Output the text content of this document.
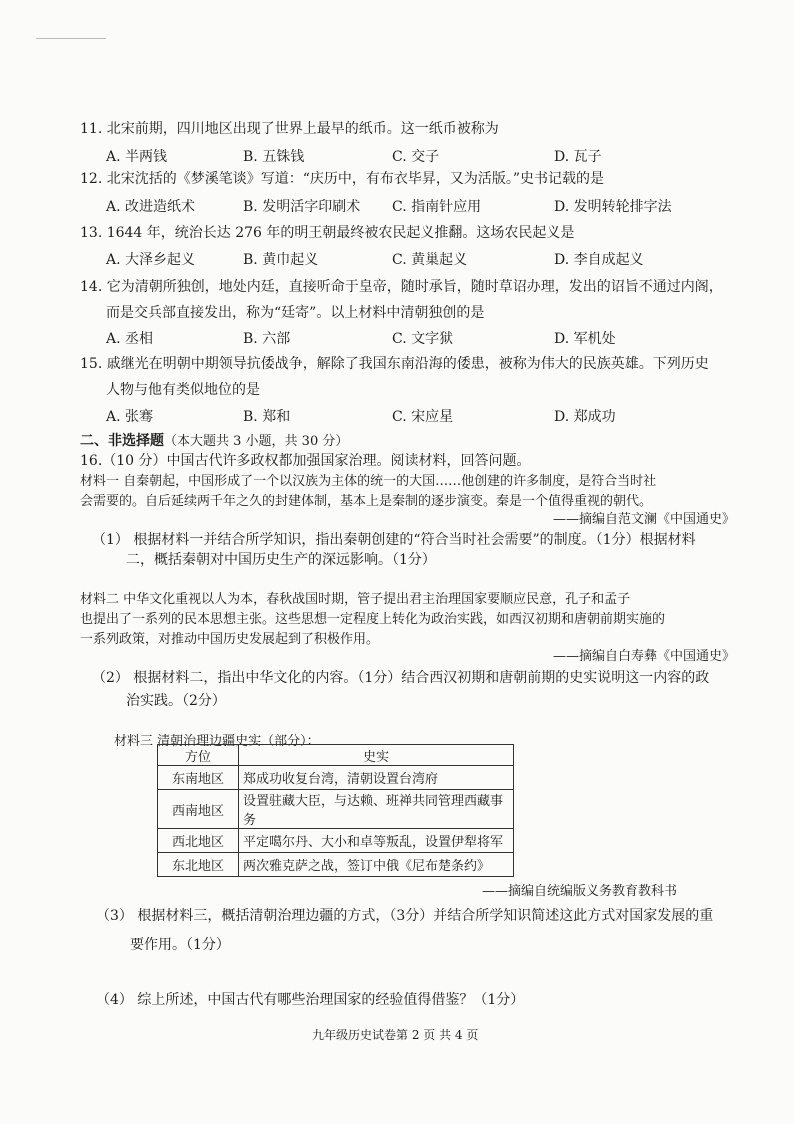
11. 北宋前期，四川地区出现了世界上最早的纸币。这一纸币被称为
A. 半两钱	B. 五铢钱	C. 交子	D. 瓦子
12. 北宋沈括的《梦溪笔谈》写道：“庆历中，有布衣毕昇，又为活版。”史书记载的是
A. 改进造纸术	B. 发明活字印刷术 C. 指南针应用	D. 发明转轮排字法
13. 1644 年，统治长达 276 年的明王朝最终被农民起义推翻。这场农民起义是
A. 大泽乡起义	B. 黄巾起义	C. 黄巢起义	D. 李自成起义
14. 它为清朝所独创，地处内廷，直接听命于皇帝，随时承旨，随时草诏办理，发出的诏旨不通过内阁，
而是交兵部直接发出，称为“廷寄”。以上材料中清朝独创的是
A. 丞相	B. 六部	C. 文字狱	D. 军机处
15. 戚继光在明朝中期领导抗倭战争，解除了我国东南沿海的倭患，被称为伟大的民族英雄。下列历史
人物与他有类似地位的是
A. 张骞	B. 郑和	C. 宋应星	D. 郑成功
二、非选择题（本大题共 3 小题，共 30 分）
16.（10 分）中国古代许多政权都加强国家治理。阅读材料，回答问题。
材料一 自秦朝起，中国形成了一个以汉族为主体的统一的大国……他创建的许多制度，是符合当时社
会需要的。自后延续两千年之久的封建体制，基本上是秦制的逐步演变。秦是一个值得重视的朝代。
——摘编自范文澜《中国通史》
（1） 根据材料一并结合所学知识，指出秦朝创建的“符合当时社会需要”的制度。（1分）根据材料
二，概括秦朝对中国历史生产的深远影响。（1分）
材料二 中华文化重视以人为本，春秋战国时期，管子提出君主治理国家要顺应民意，孔子和孟子
也提出了一系列的民本思想主张。这些思想一定程度上转化为政治实践，如西汉初期和唐朝前期实施的
一系列政策，对推动中国历史发展起到了积极作用。
——摘编自白寿彝《中国通史》
（2） 根据材料二，指出中华文化的内容。（1分）结合西汉初期和唐朝前期的史实说明这一内容的政
治实践。（2分）
材料三 清朝治理边疆史实（部分）：
方位	史实
东南地区	郑成功收复台湾，清朝设置台湾府
西南地区	设置驻藏大臣，与达赖、班禅共同管理西藏事务
西北地区	平定噶尔丹、大小和卓等叛乱，设置伊犁将军
东北地区	两次雅克萨之战，签订中俄《尼布楚条约》
——摘编自统编版义务教育教科书
（3） 根据材料三，概括清朝治理边疆的方式，（3分）并结合所学知识简述这此方式对国家发展的重
要作用。（1分）
（4） 综上所述，中国古代有哪些治理国家的经验值得借鉴？（1分）
九年级历史试卷第 2 页 共 4 页
